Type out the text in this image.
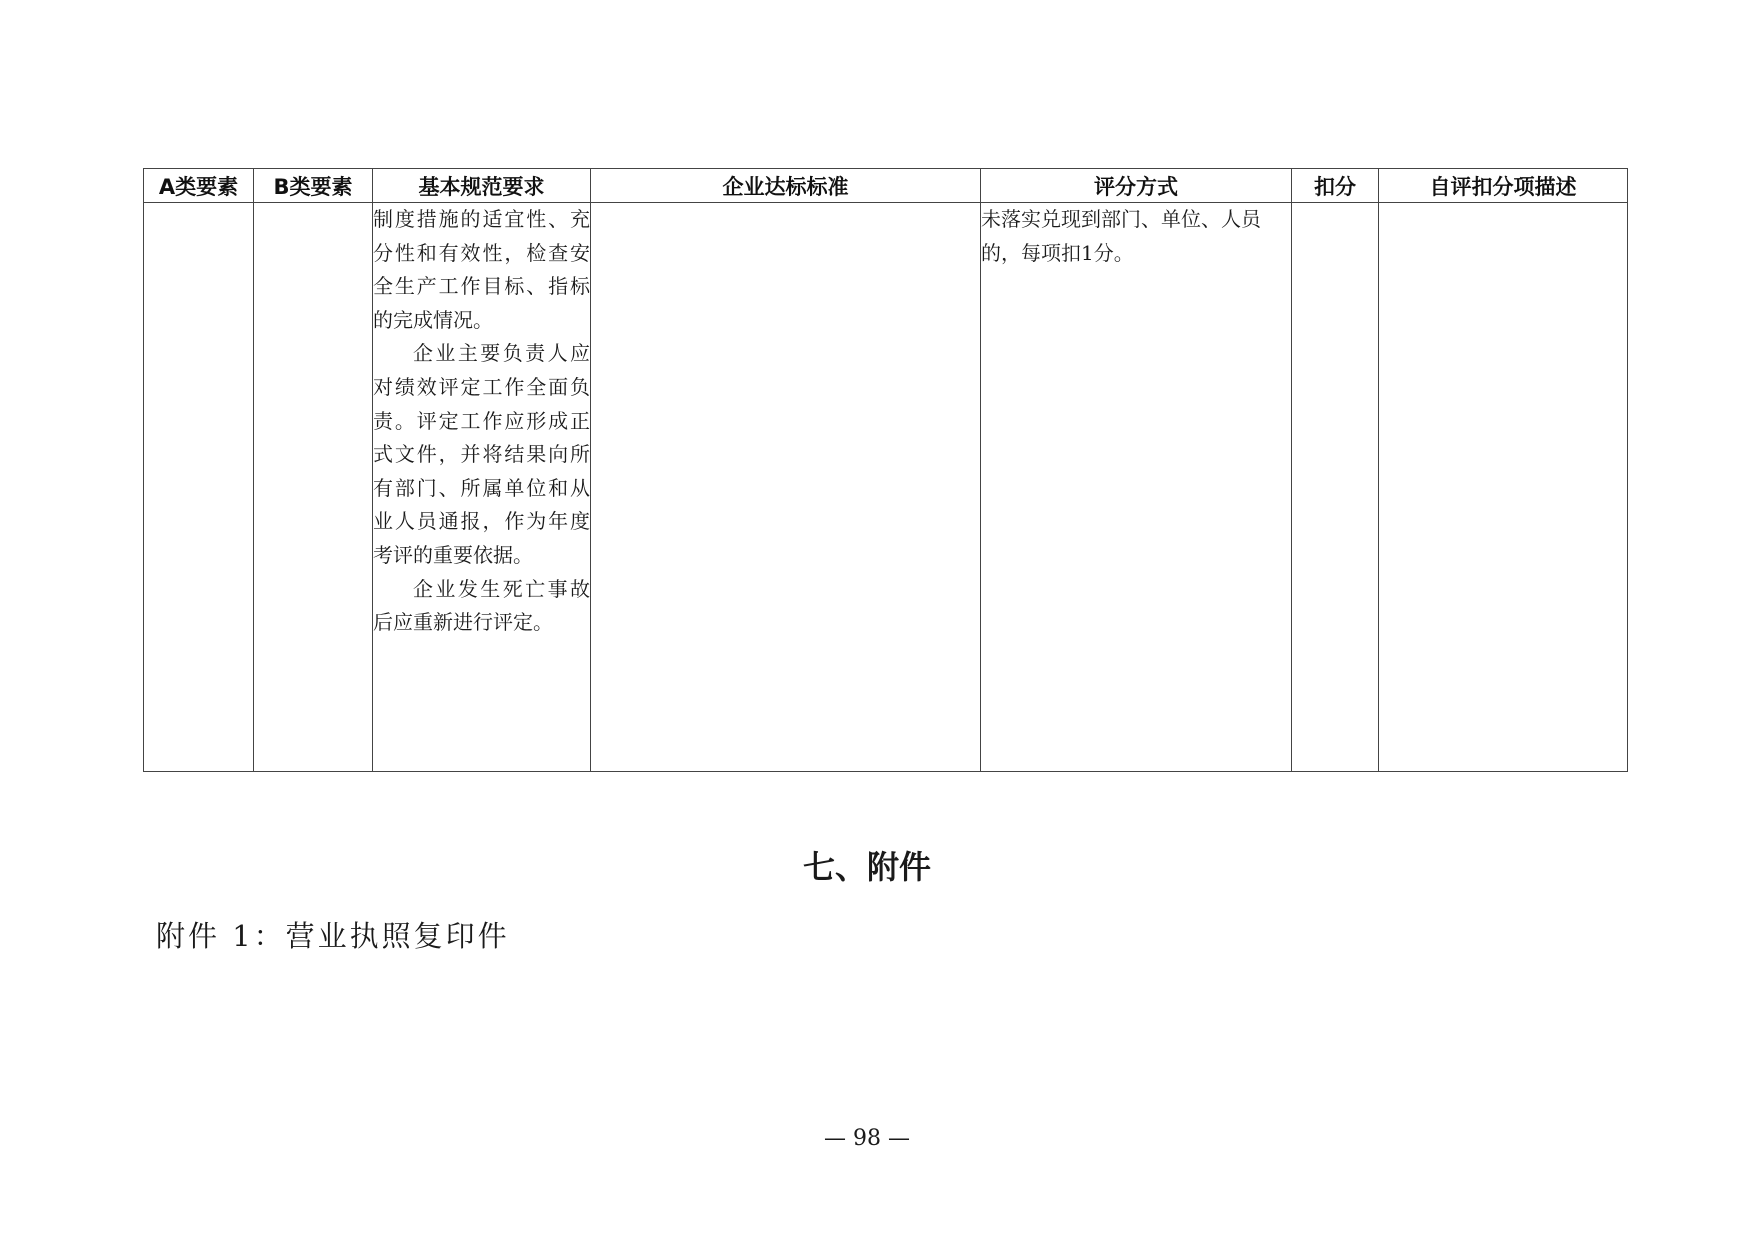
A类要素	B类要素	基本规范要求	企业达标标准	评分方式	扣分	自评扣分项描述

		制度措施的适宜性、充分性和有效性，检查安全生产工作目标、指标的完成情况。

企业主要负责人应对绩效评定工作全面负责。评定工作应形成正式文件，并将结果向所有部门、所属单位和从业人员通报，作为年度考评的重要依据。

企业发生死亡事故后应重新进行评定。		未落实兑现到部门、单位、人员的，每项扣1分。		
七、附件

附件 1：营业执照复印件

— 98 —
